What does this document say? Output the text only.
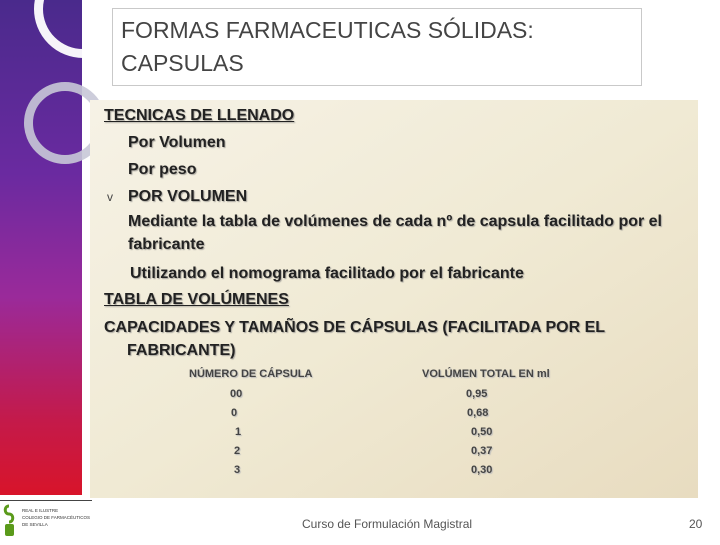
FORMAS FARMACEUTICAS SÓLIDAS:
CAPSULAS
TECNICAS DE LLENADO
Por Volumen
Por peso
v POR VOLUMEN
Mediante la tabla de volúmenes de cada nº de capsula facilitado por el
fabricante
Utilizando el nomograma facilitado por el fabricante
TABLA DE VOLÚMENES
CAPACIDADES Y TAMAÑOS DE CÁPSULAS (FACILITADA POR EL
FABRICANTE)
NÚMERO DE CÁPSULA	VOLÚMEN TOTAL EN ml
00	0,95
0	0,68
1	0,50
2	0,37
3	0,30
REAL E ILUSTRE
COLEGIO DE FARMACÉUTICOS
DE SEVILLA	Curso de Formulación Magistral	20
